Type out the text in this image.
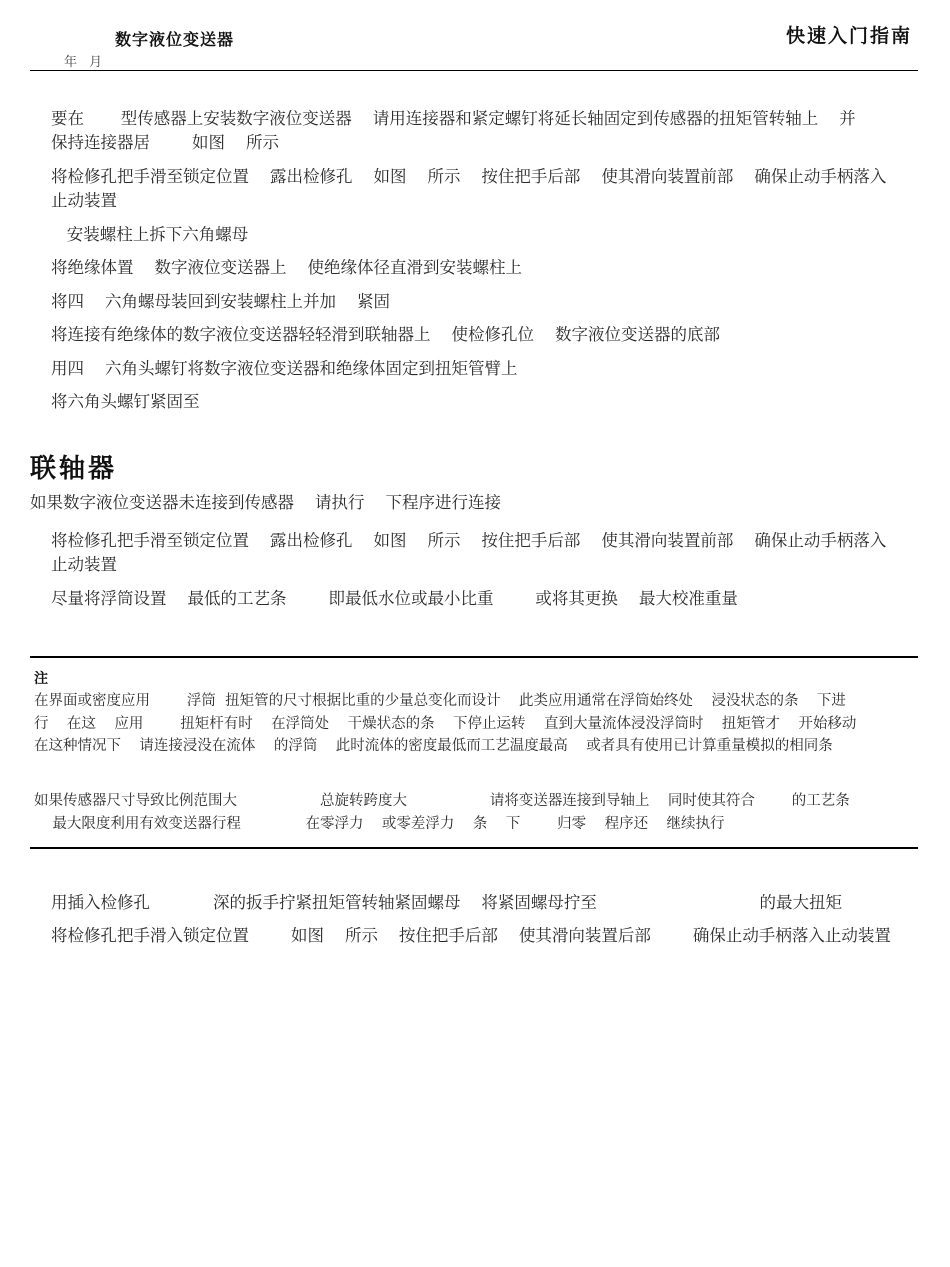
数字液位变送器
年 月
快速入门指南
要在       型传感器上安装数字液位变送器    请用连接器和紧定螺钉将延长轴固定到传感器的扭矩管转轴上    并
保持连接器居        如图    所示
将检修孔把手滑至锁定位置    露出检修孔    如图    所示    按住把手后部    使其滑向装置前部    确保止动手柄落入
止动装置
安装螺柱上拆下六角螺母
将绝缘体置    数字液位变送器上    使绝缘体径直滑到安装螺柱上
将四    六角螺母装回到安装螺柱上并加    紧固
将连接有绝缘体的数字液位变送器轻轻滑到联轴器上    使检修孔位    数字液位变送器的底部
用四    六角头螺钉将数字液位变送器和绝缘体固定到扭矩管臂上
将六角头螺钉紧固至
联轴器
如果数字液位变送器未连接到传感器    请执行    下程序进行连接
将检修孔把手滑至锁定位置    露出检修孔    如图    所示    按住把手后部    使其滑向装置前部    确保止动手柄落入
止动装置
尽量将浮筒设置    最低的工艺条        即最低水位或最小比重        或将其更换    最大校准重量
注
在界面或密度应用        浮筒  扭矩管的尺寸根据比重的少量总变化而设计    此类应用通常在浮筒始终处    浸没状态的条    下进
行    在这    应用        扭矩杆有时    在浮筒处    干燥状态的条    下停止运转    直到大量流体浸没浮筒时    扭矩管才    开始移动
在这种情况下    请连接浸没在流体    的浮筒    此时流体的密度最低而工艺温度最高    或者具有使用已计算重量模拟的相同条
如果传感器尺寸导致比例范围大                  总旋转跨度大                  请将变送器连接到导轴上    同时使其符合        的工艺条
最大限度利用有效变送器行程              在零浮力    或零差浮力    条    下        归零    程序还    继续执行
用插入检修孔            深的扳手拧紧扭矩管转轴紧固螺母    将紧固螺母拧至                               的最大扭矩
将检修孔把手滑入锁定位置        如图    所示    按住把手后部    使其滑向装置后部        确保止动手柄落入止动装置
